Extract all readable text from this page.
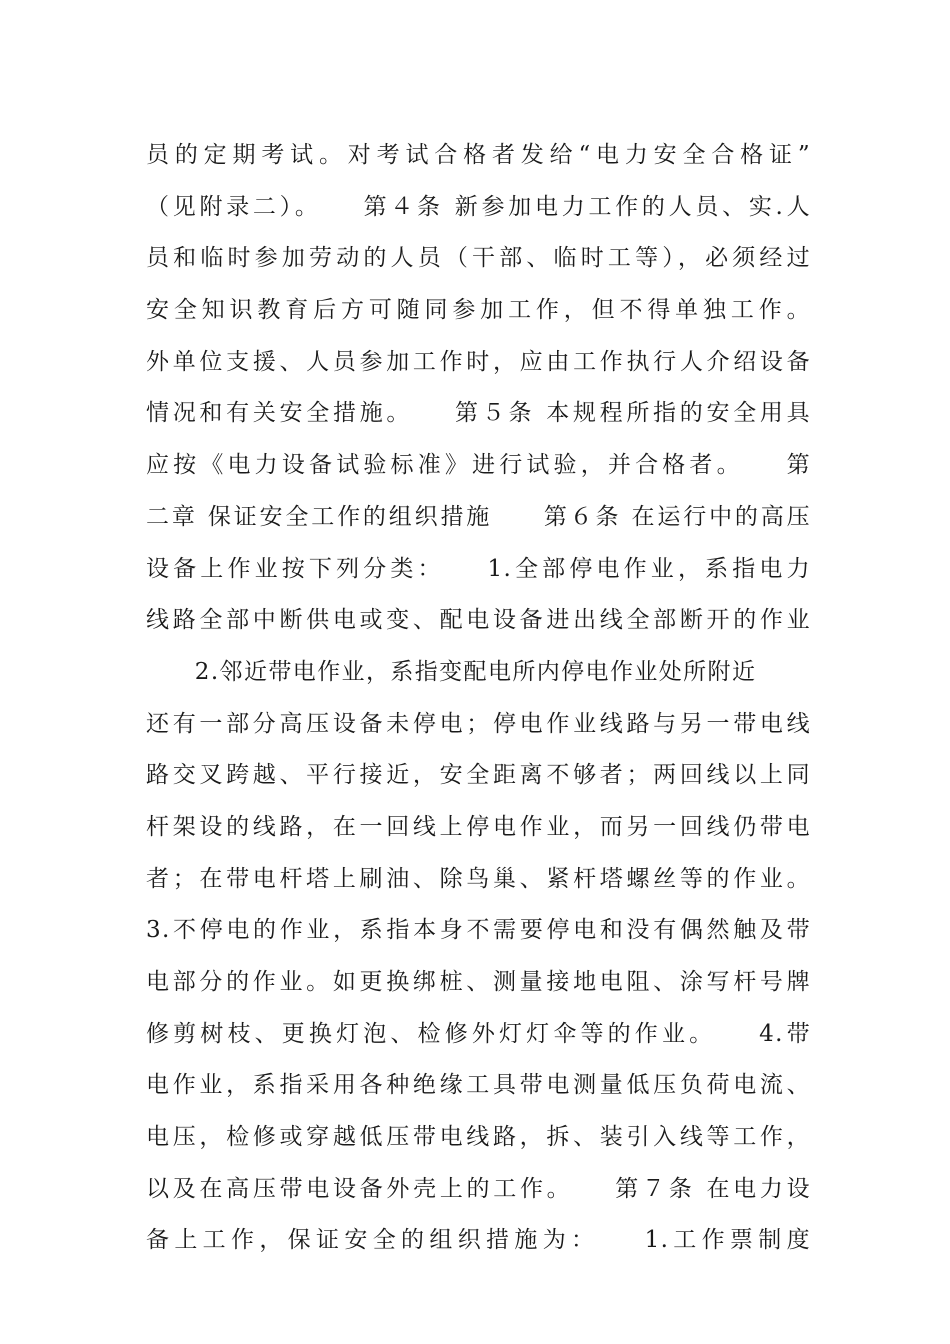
员的定期考试。对考试合格者发给“电力安全合格证”
（见附录二）。　　第４条 新参加电力工作的人员、实.人
员和临时参加劳动的人员（干部、临时工等），必须经过
安全知识教育后方可随同参加工作，但不得单独工作。
外单位支援、人员参加工作时，应由工作执行人介绍设备
情况和有关安全措施。　　第５条 本规程所指的安全用具
应按《电力设备试验标准》进行试验，并合格者。　　第
二章 保证安全工作的组织措施　　第６条 在运行中的高压
设备上作业按下列分类：　　1.全部停电作业，系指电力
线路全部中断供电或变、配电设备进出线全部断开的作业
　　2.邻近带电作业，系指变配电所内停电作业处所附近
还有一部分高压设备未停电；停电作业线路与另一带电线
路交叉跨越、平行接近，安全距离不够者；两回线以上同
杆架设的线路，在一回线上停电作业，而另一回线仍带电
者；在带电杆塔上刷油、除鸟巢、紧杆塔螺丝等的作业。
3.不停电的作业，系指本身不需要停电和没有偶然触及带
电部分的作业。如更换绑桩、测量接地电阻、涂写杆号牌
修剪树枝、更换灯泡、检修外灯灯伞等的作业。　　4.带
电作业，系指采用各种绝缘工具带电测量低压负荷电流、
电压，检修或穿越低压带电线路，拆、装引入线等工作，
以及在高压带电设备外壳上的工作。　　第７条 在电力设
备上工作，保证安全的组织措施为：　　1.工作票制度
